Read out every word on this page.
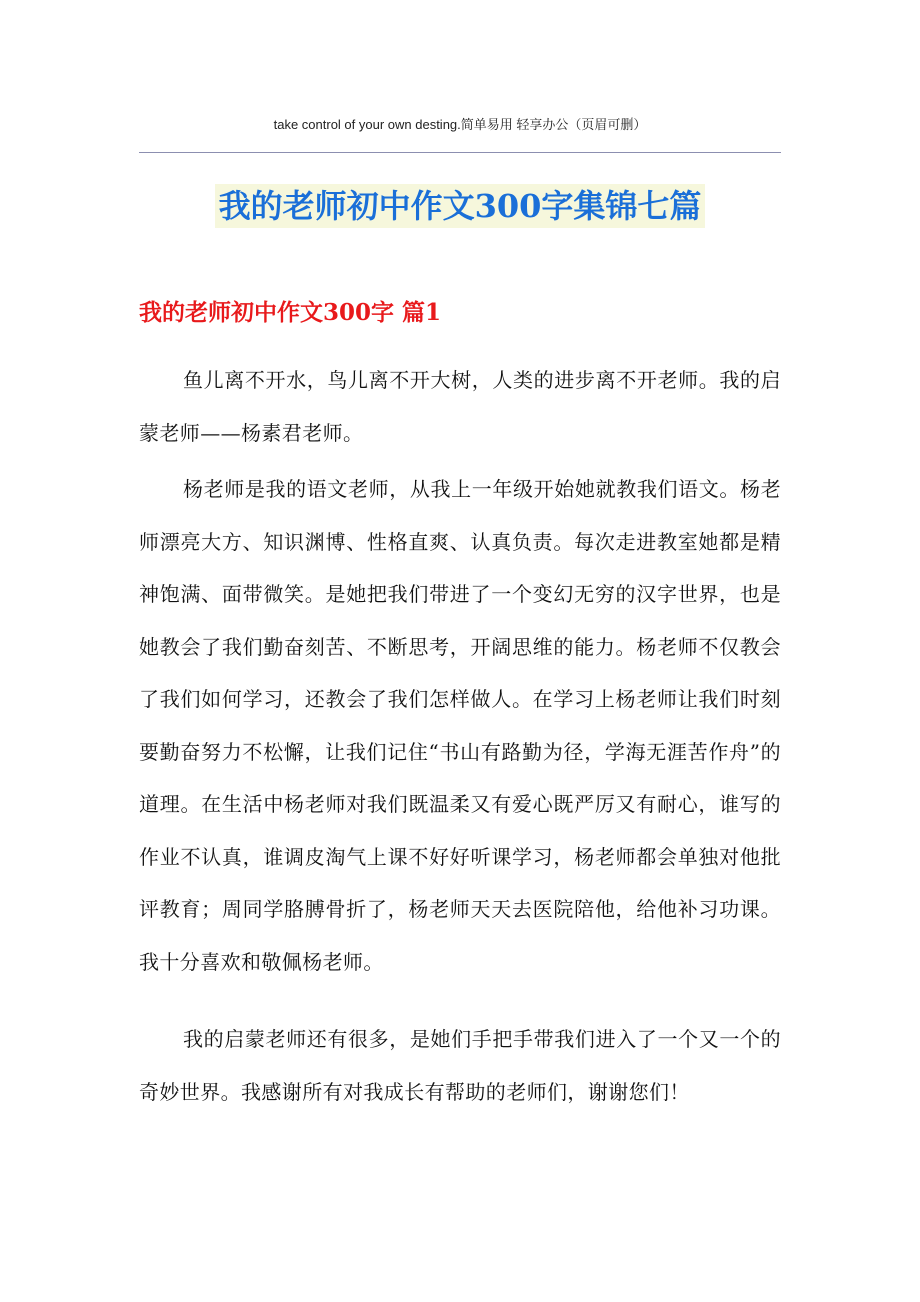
take control of your own desting.简单易用 轻享办公（页眉可删）
我的老师初中作文300字集锦七篇
我的老师初中作文300字 篇1

鱼儿离不开水，鸟儿离不开大树，人类的进步离不开老师。我的启蒙老师——杨素君老师。

杨老师是我的语文老师，从我上一年级开始她就教我们语文。杨老师漂亮大方、知识渊博、性格直爽、认真负责。每次走进教室她都是精神饱满、面带微笑。是她把我们带进了一个变幻无穷的汉字世界，也是她教会了我们勤奋刻苦、不断思考，开阔思维的能力。杨老师不仅教会了我们如何学习，还教会了我们怎样做人。在学习上杨老师让我们时刻要勤奋努力不松懈，让我们记住“书山有路勤为径，学海无涯苦作舟”的道理。在生活中杨老师对我们既温柔又有爱心既严厉又有耐心，谁写的作业不认真，谁调皮淘气上课不好好听课学习，杨老师都会单独对他批评教育；周同学胳膊骨折了，杨老师天天去医院陪他，给他补习功课。我十分喜欢和敬佩杨老师。

我的启蒙老师还有很多，是她们手把手带我们进入了一个又一个的奇妙世界。我感谢所有对我成长有帮助的老师们，谢谢您们！
